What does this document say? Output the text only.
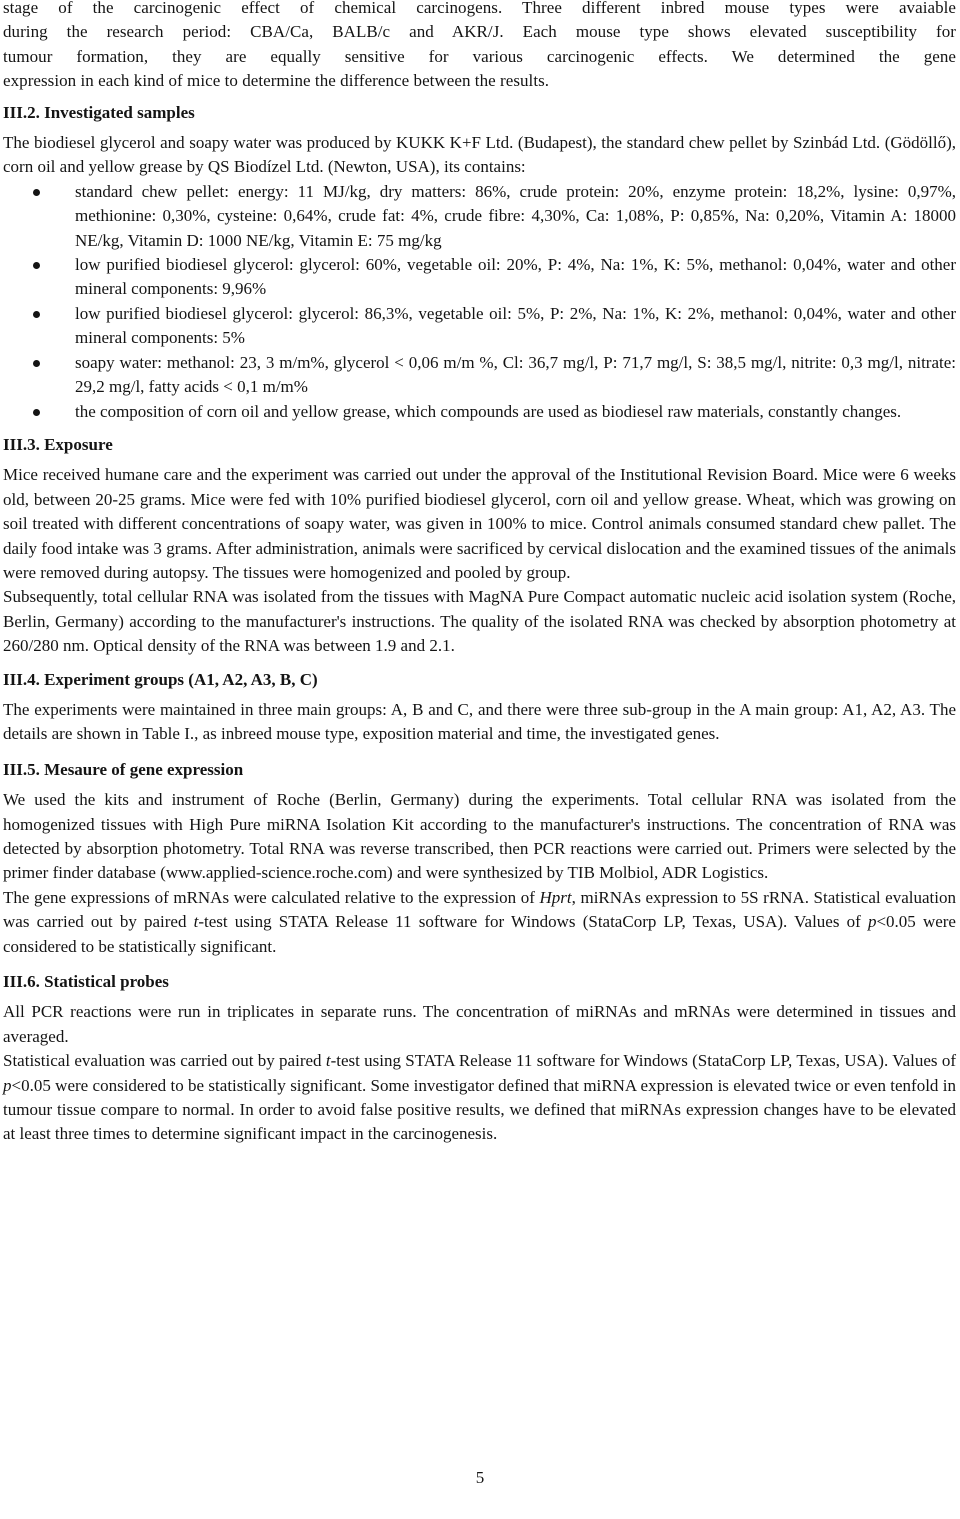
stage of the carcinogenic effect of chemical carcinogens. Three different inbred mouse types were avaiable

during the research period: CBA/Ca, BALB/c and AKR/J. Each mouse type shows elevated susceptibility for

tumour formation, they are equally sensitive for various carcinogenic effects. We determined the gene

expression in each kind of mice to determine the difference between the results.

III.2. Investigated samples

The biodiesel glycerol and soapy water was produced by KUKK K+F Ltd. (Budapest), the standard chew pellet by Szinbád Ltd. (Gödöllő), corn oil and yellow grease by QS Biodízel Ltd. (Newton, USA), its contains:

standard chew pellet: energy: 11 MJ/kg, dry matters: 86%, crude protein: 20%, enzyme protein: 18,2%, lysine: 0,97%, methionine: 0,30%, cysteine: 0,64%, crude fat: 4%, crude fibre: 4,30%, Ca: 1,08%, P: 0,85%, Na: 0,20%, Vitamin A: 18000 NE/kg, Vitamin D: 1000 NE/kg, Vitamin E: 75 mg/kg
low purified biodiesel glycerol: glycerol: 60%, vegetable oil: 20%, P: 4%, Na: 1%, K: 5%, methanol: 0,04%, water and other mineral components: 9,96%
low purified biodiesel glycerol: glycerol: 86,3%, vegetable oil: 5%, P: 2%, Na: 1%, K: 2%, methanol: 0,04%, water and other mineral components: 5%
soapy water: methanol: 23, 3 m/m%, glycerol < 0,06 m/m %, Cl: 36,7 mg/l, P: 71,7 mg/l, S: 38,5 mg/l, nitrite: 0,3 mg/l, nitrate: 29,2 mg/l, fatty acids < 0,1 m/m%
the composition of corn oil and yellow grease, which compounds are used as biodiesel raw materials, constantly changes.
III.3. Exposure

Mice received humane care and the experiment was carried out under the approval of the Institutional Revision Board. Mice were 6 weeks old, between 20-25 grams. Mice were fed with 10% purified biodiesel glycerol, corn oil and yellow grease. Wheat, which was growing on soil treated with different concentrations of soapy water, was given in 100% to mice. Control animals consumed standard chew pallet. The daily food intake was 3 grams. After administration, animals were sacrificed by cervical dislocation and the examined tissues of the animals were removed during autopsy. The tissues were homogenized and pooled by group.

Subsequently, total cellular RNA was isolated from the tissues with MagNA Pure Compact automatic nucleic acid isolation system (Roche, Berlin, Germany) according to the manufacturer's instructions. The quality of the isolated RNA was checked by absorption photometry at 260/280 nm. Optical density of the RNA was between 1.9 and 2.1.

III.4. Experiment groups (A1, A2, A3, B, C)

The experiments were maintained in three main groups: A, B and C, and there were three sub-group in the A main group: A1, A2, A3. The details are shown in Table I., as inbreed mouse type, exposition material and time, the investigated genes.

III.5. Mesaure of gene expression

We used the kits and instrument of Roche (Berlin, Germany) during the experiments. Total cellular RNA was isolated from the homogenized tissues with High Pure miRNA Isolation Kit according to the manufacturer's instructions. The concentration of RNA was detected by absorption photometry. Total RNA was reverse transcribed, then PCR reactions were carried out. Primers were selected by the primer finder database (www.applied-science.roche.com) and were synthesized by TIB Molbiol, ADR Logistics.

The gene expressions of mRNAs were calculated relative to the expression of Hprt, miRNAs expression to 5S rRNA. Statistical evaluation was carried out by paired t-test using STATA Release 11 software for Windows (StataCorp LP, Texas, USA). Values of p<0.05 were considered to be statistically significant.

III.6. Statistical probes

All PCR reactions were run in triplicates in separate runs. The concentration of miRNAs and mRNAs were determined in tissues and averaged.

Statistical evaluation was carried out by paired t-test using STATA Release 11 software for Windows (StataCorp LP, Texas, USA). Values of p<0.05 were considered to be statistically significant. Some investigator defined that miRNA expression is elevated twice or even tenfold in tumour tissue compare to normal. In order to avoid false positive results, we defined that miRNAs expression changes have to be elevated at least three times to determine significant impact in the carcinogenesis.

5
